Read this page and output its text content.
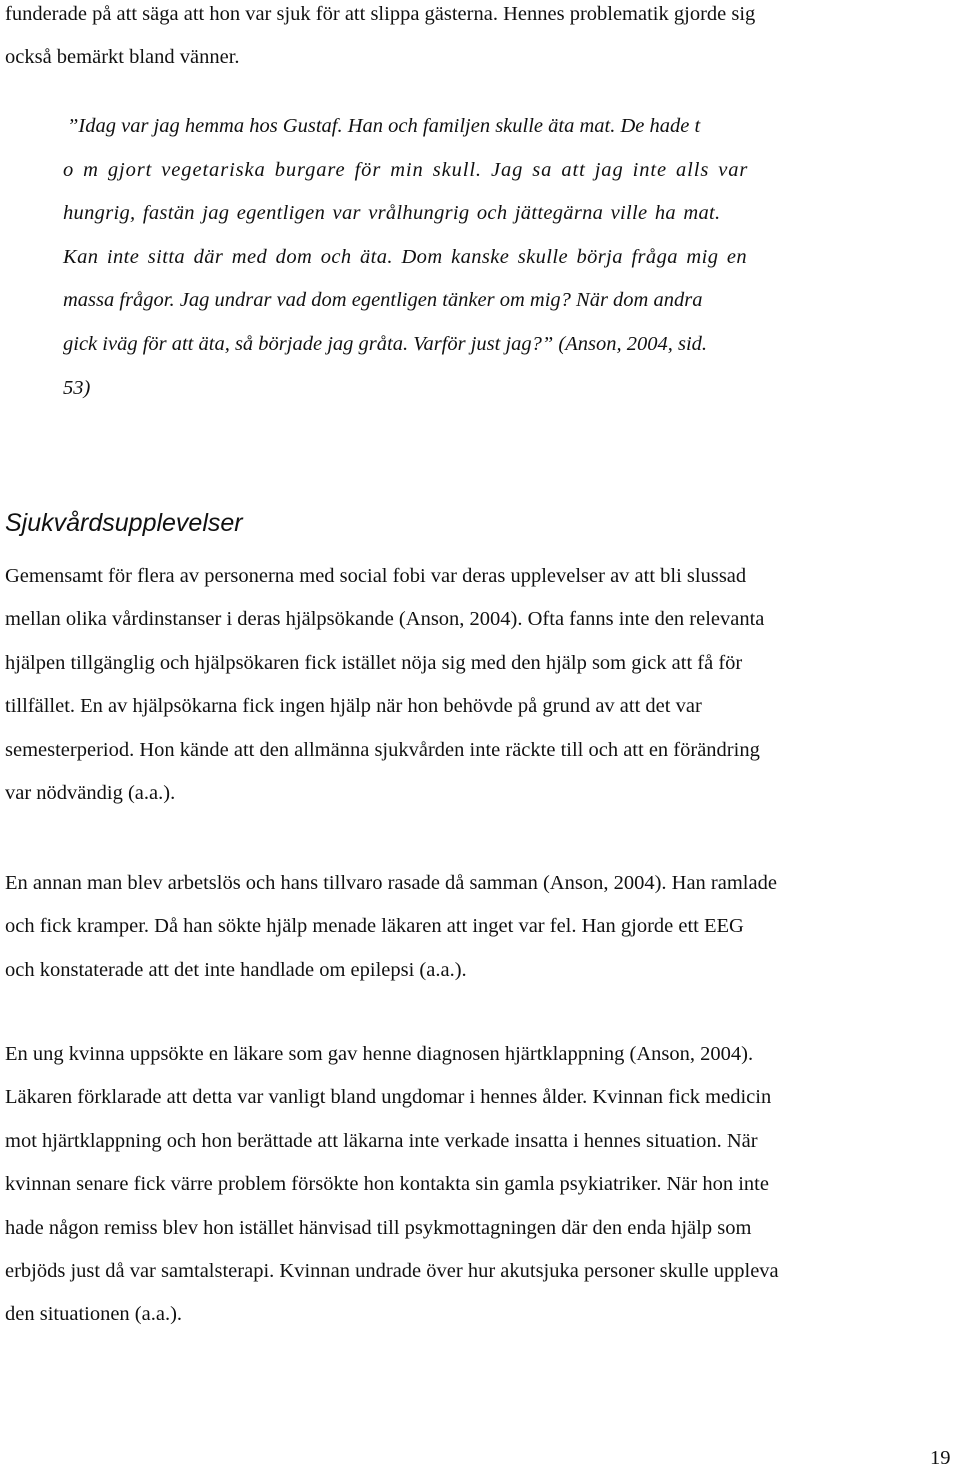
funderade på att säga att hon var sjuk för att slippa gästerna. Hennes problematik gjorde sig
också bemärkt bland vänner.

”Idag var jag hemma hos Gustaf. Han och familjen skulle äta mat. De hade t
o m gjort vegetariska burgare för min skull. Jag sa att jag inte alls var
hungrig, fastän jag egentligen var vrålhungrig och jättegärna ville ha mat.
Kan inte sitta där med dom och äta. Dom kanske skulle börja fråga mig en
massa frågor. Jag undrar vad dom egentligen tänker om mig? När dom andra
gick iväg för att äta, så började jag gråta. Varför just jag?” (Anson, 2004, sid.
53)
Sjukvårdsupplevelser

Gemensamt för flera av personerna med social fobi var deras upplevelser av att bli slussad
mellan olika vårdinstanser i deras hjälpsökande (Anson, 2004). Ofta fanns inte den relevanta
hjälpen tillgänglig och hjälpsökaren fick istället nöja sig med den hjälp som gick att få för
tillfället. En av hjälpsökarna fick ingen hjälp när hon behövde på grund av att det var
semesterperiod. Hon kände att den allmänna sjukvården inte räckte till och att en förändring
var nödvändig (a.a.).

En annan man blev arbetslös och hans tillvaro rasade då samman (Anson, 2004). Han ramlade
och fick kramper. Då han sökte hjälp menade läkaren att inget var fel. Han gjorde ett EEG
och konstaterade att det inte handlade om epilepsi (a.a.).

En ung kvinna uppsökte en läkare som gav henne diagnosen hjärtklappning (Anson, 2004).
Läkaren förklarade att detta var vanligt bland ungdomar i hennes ålder. Kvinnan fick medicin
mot hjärtklappning och hon berättade att läkarna inte verkade insatta i hennes situation. När
kvinnan senare fick värre problem försökte hon kontakta sin gamla psykiatriker. När hon inte
hade någon remiss blev hon istället hänvisad till psykmottagningen där den enda hjälp som
erbjöds just då var samtalsterapi. Kvinnan undrade över hur akutsjuka personer skulle uppleva
den situationen (a.a.).

19
